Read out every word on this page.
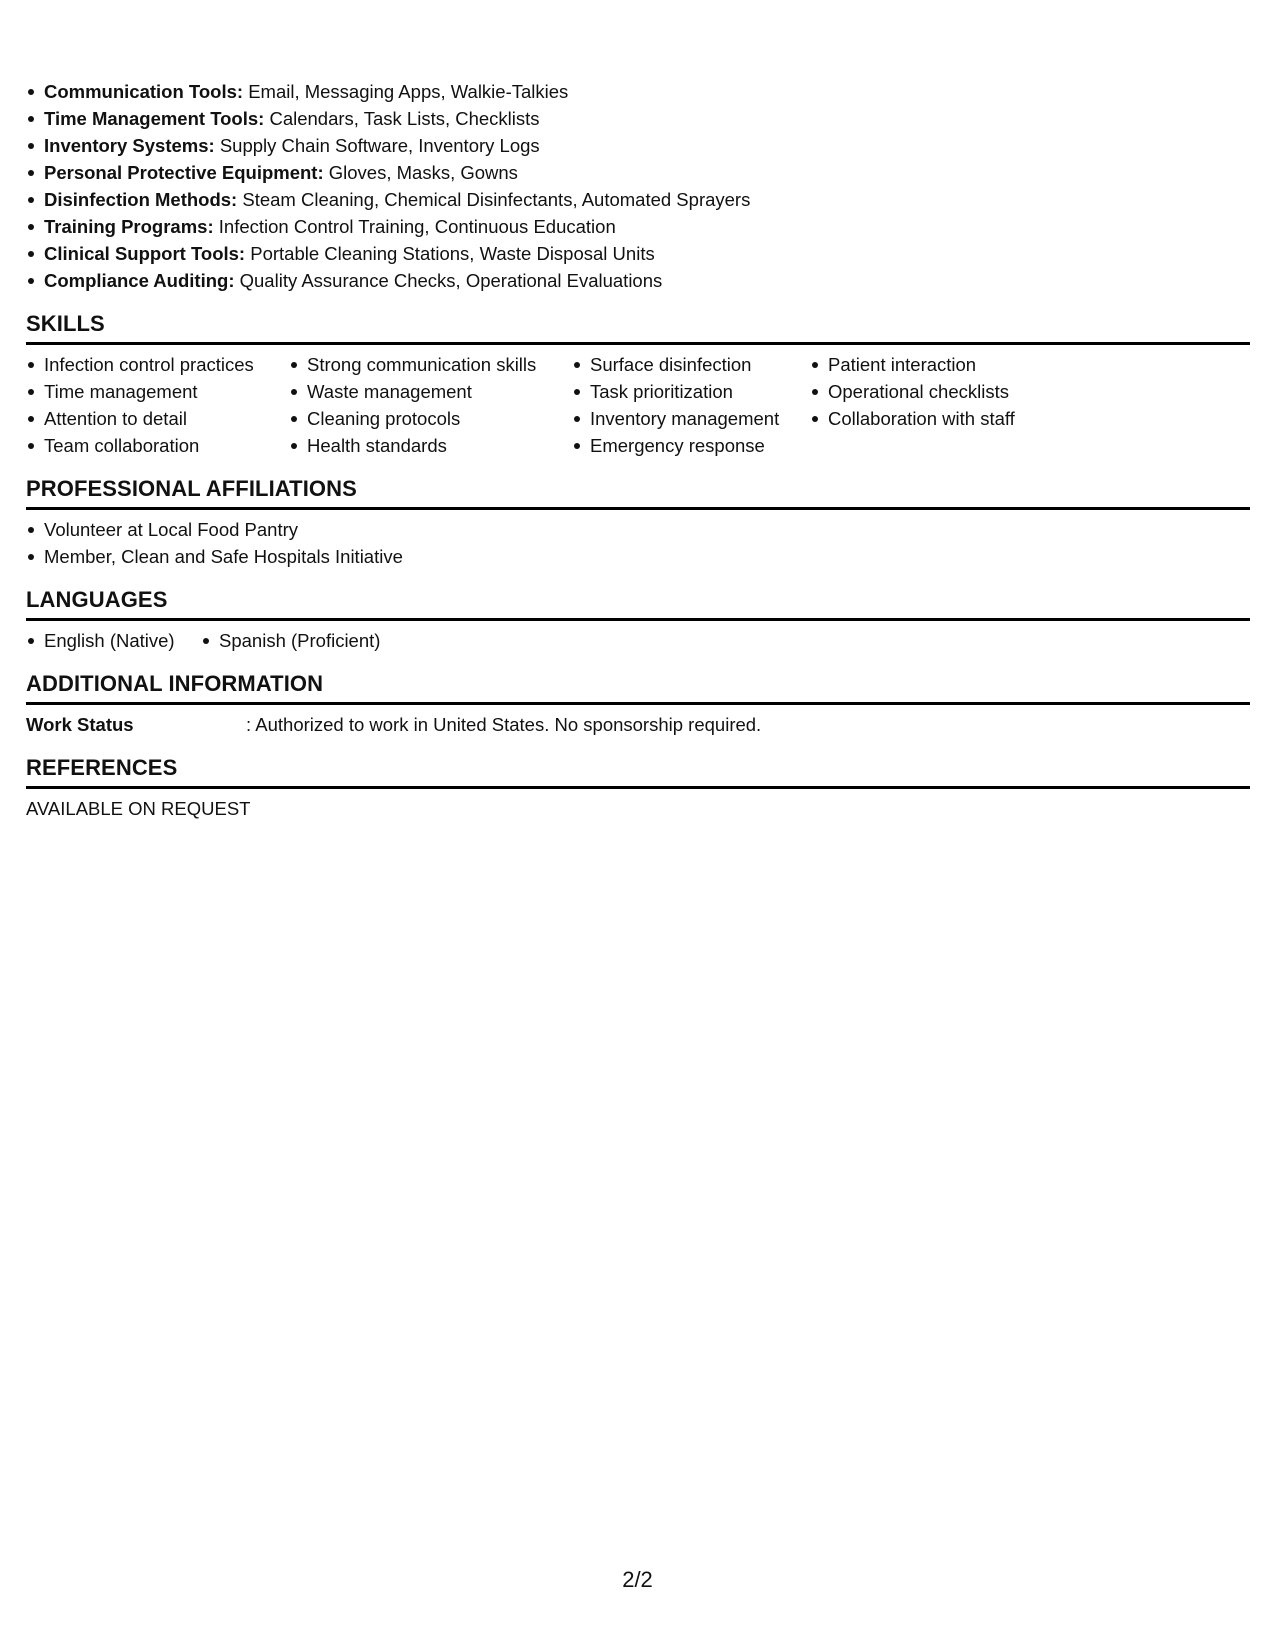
Communication Tools: Email, Messaging Apps, Walkie-Talkies
Time Management Tools: Calendars, Task Lists, Checklists
Inventory Systems: Supply Chain Software, Inventory Logs
Personal Protective Equipment: Gloves, Masks, Gowns
Disinfection Methods: Steam Cleaning, Chemical Disinfectants, Automated Sprayers
Training Programs: Infection Control Training, Continuous Education
Clinical Support Tools: Portable Cleaning Stations, Waste Disposal Units
Compliance Auditing: Quality Assurance Checks, Operational Evaluations
SKILLS
Infection control practices
Time management
Attention to detail
Team collaboration
Strong communication skills
Waste management
Cleaning protocols
Health standards
Surface disinfection
Task prioritization
Inventory management
Emergency response
Patient interaction
Operational checklists
Collaboration with staff
PROFESSIONAL AFFILIATIONS
Volunteer at Local Food Pantry
Member, Clean and Safe Hospitals Initiative
LANGUAGES
English (Native)	Spanish (Proficient)
ADDITIONAL INFORMATION
Work Status	: Authorized to work in United States. No sponsorship required.
REFERENCES
AVAILABLE ON REQUEST
2/2
